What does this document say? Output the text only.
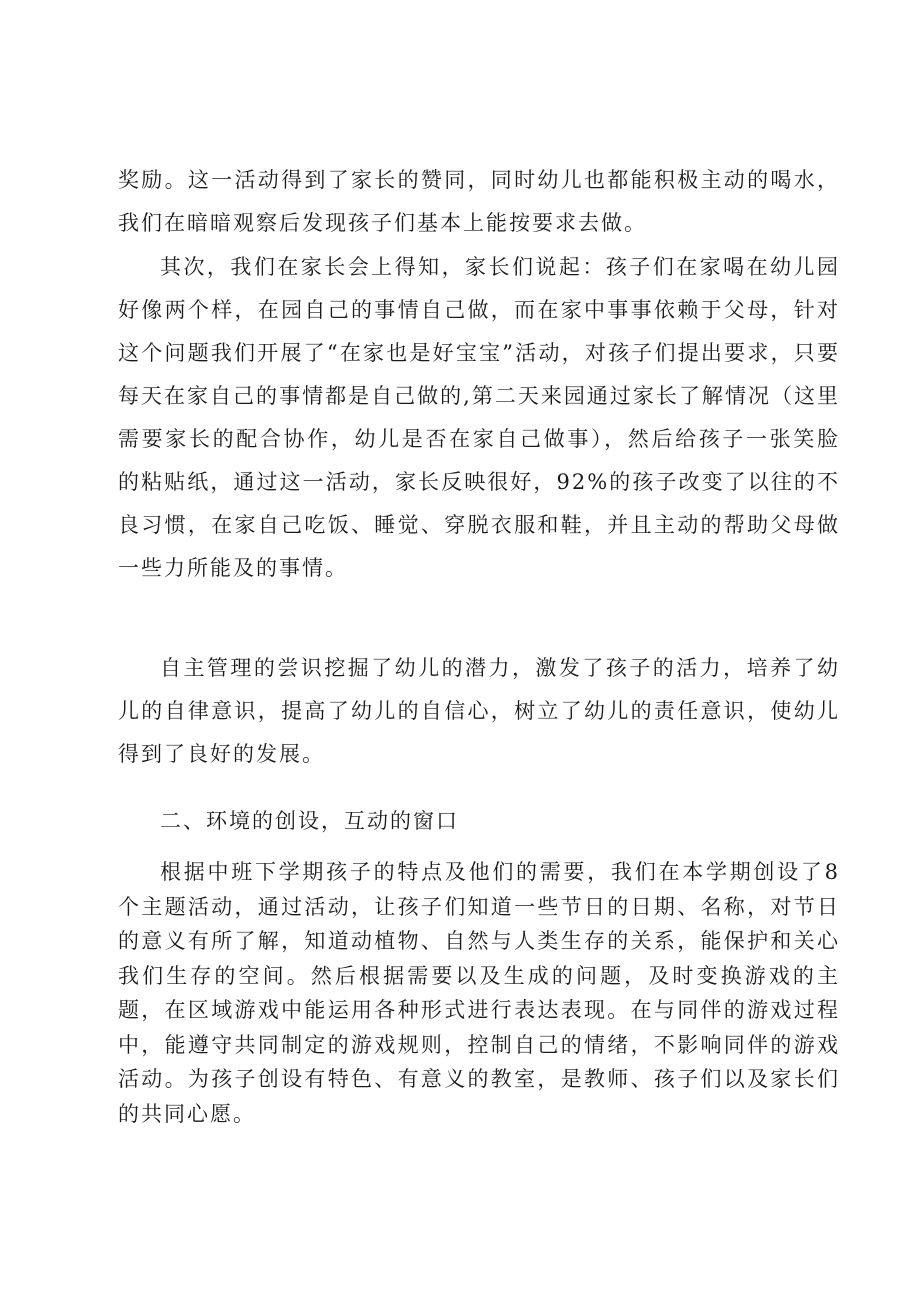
奖励。这一活动得到了家长的赞同，同时幼儿也都能积极主动的喝水，我们在暗暗观察后发现孩子们基本上能按要求去做。

其次，我们在家长会上得知，家长们说起：孩子们在家喝在幼儿园好像两个样，在园自己的事情自己做，而在家中事事依赖于父母，针对这个问题我们开展了“在家也是好宝宝”活动，对孩子们提出要求，只要每天在家自己的事情都是自己做的,第二天来园通过家长了解情况（这里需要家长的配合协作，幼儿是否在家自己做事），然后给孩子一张笑脸的粘贴纸，通过这一活动，家长反映很好，92%的孩子改变了以往的不良习惯，在家自己吃饭、睡觉、穿脱衣服和鞋，并且主动的帮助父母做一些力所能及的事情。

自主管理的尝识挖掘了幼儿的潜力，激发了孩子的活力，培养了幼儿的自律意识，提高了幼儿的自信心，树立了幼儿的责任意识，使幼儿得到了良好的发展。

二、环境的创设，互动的窗口

根据中班下学期孩子的特点及他们的需要，我们在本学期创设了8个主题活动，通过活动，让孩子们知道一些节日的日期、名称，对节日的意义有所了解，知道动植物、自然与人类生存的关系，能保护和关心我们生存的空间。然后根据需要以及生成的问题，及时变换游戏的主题，在区域游戏中能运用各种形式进行表达表现。在与同伴的游戏过程中，能遵守共同制定的游戏规则，控制自己的情绪，不影响同伴的游戏活动。为孩子创设有特色、有意义的教室，是教师、孩子们以及家长们的共同心愿。
